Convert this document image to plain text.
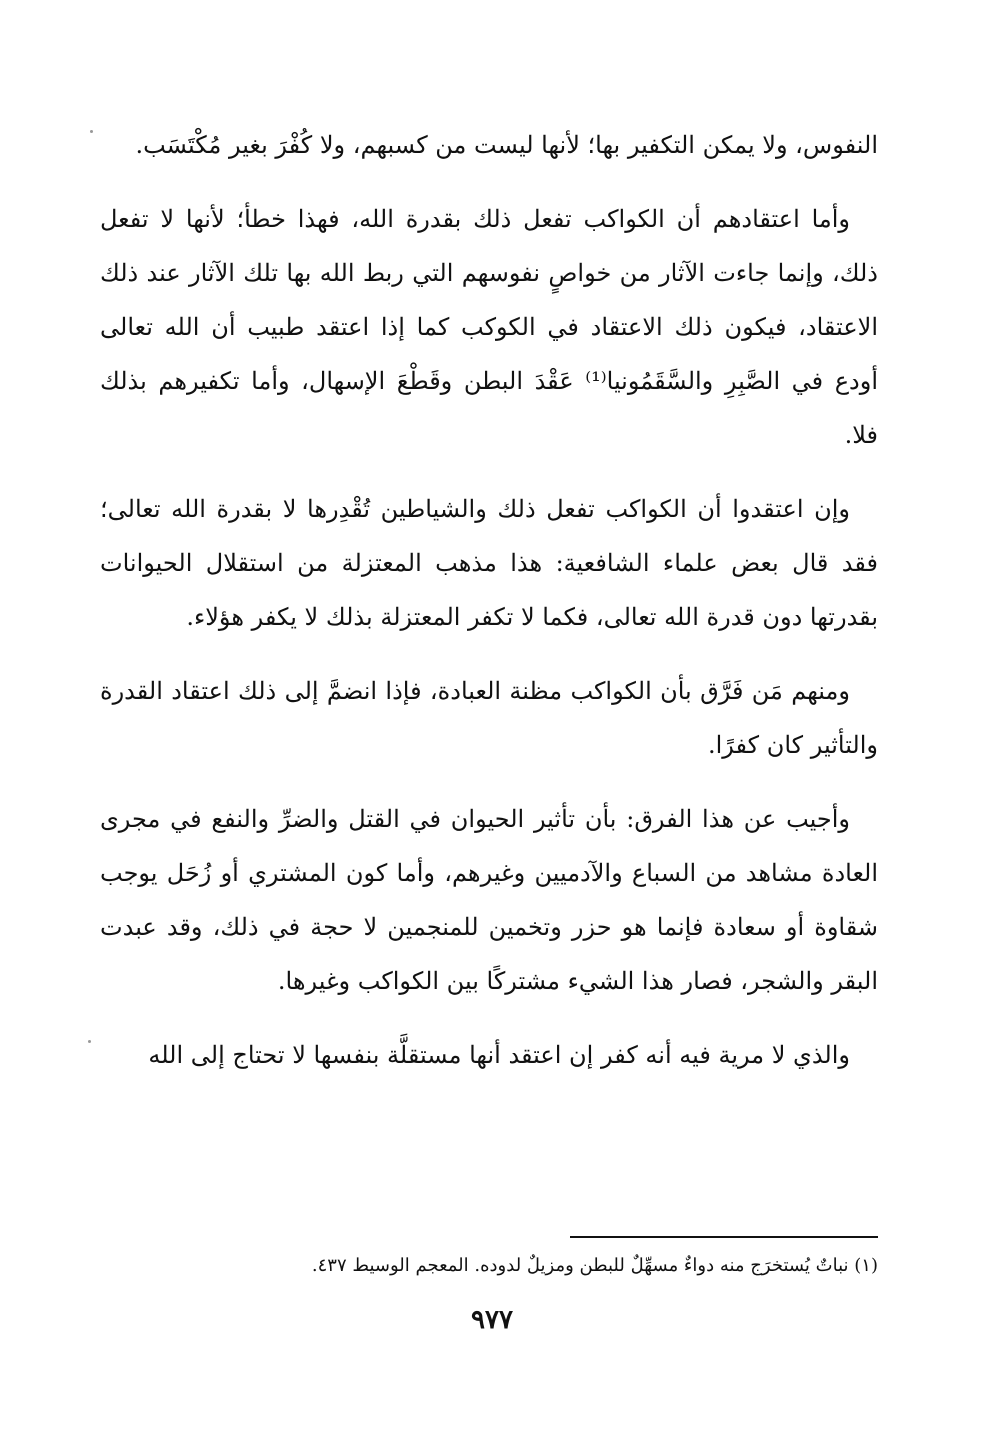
النفوس، ولا يمكن التكفير بها؛ لأنها ليست من كسبهم، ولا كُفْرَ بغير مُكْتَسَب.

وأما اعتقادهم أن الكواكب تفعل ذلك بقدرة الله، فهذا خطأ؛ لأنها لا تفعل ذلك، وإنما جاءت الآثار من خواصٍ نفوسهم التي ربط الله بها تلك الآثار عند ذلك الاعتقاد، فيكون ذلك الاعتقاد في الكوكب كما إذا اعتقد طبيب أن الله تعالى أودع في الصَّبِرِ والسَّقَمُونيا⁽¹⁾ عَقْدَ البطن وقَطْعَ الإسهال، وأما تكفيرهم بذلك فلا.

وإن اعتقدوا أن الكواكب تفعل ذلك والشياطين تُقْدِرها لا بقدرة الله تعالى؛ فقد قال بعض علماء الشافعية: هذا مذهب المعتزلة من استقلال الحيوانات بقدرتها دون قدرة الله تعالى، فكما لا تكفر المعتزلة بذلك لا يكفر هؤلاء.

ومنهم مَن فَرَّق بأن الكواكب مظنة العبادة، فإذا انضمَّ إلى ذلك اعتقاد القدرة والتأثير كان كفرًا.

وأجيب عن هذا الفرق: بأن تأثير الحيوان في القتل والضرِّ والنفع في مجرى العادة مشاهد من السباع والآدميين وغيرهم، وأما كون المشتري أو زُحَل يوجب شقاوة أو سعادة فإنما هو حزر وتخمين للمنجمين لا حجة في ذلك، وقد عبدت البقر والشجر، فصار هذا الشيء مشتركًا بين الكواكب وغيرها.

والذي لا مرية فيه أنه كفر إن اعتقد أنها مستقلَّة بنفسها لا تحتاج إلى الله

(١) نباتٌ يُستخرَج منه دواءٌ مسهِّلٌ للبطن ومزيلٌ لدوده. المعجم الوسيط ٤٣٧.
٩٧٧
